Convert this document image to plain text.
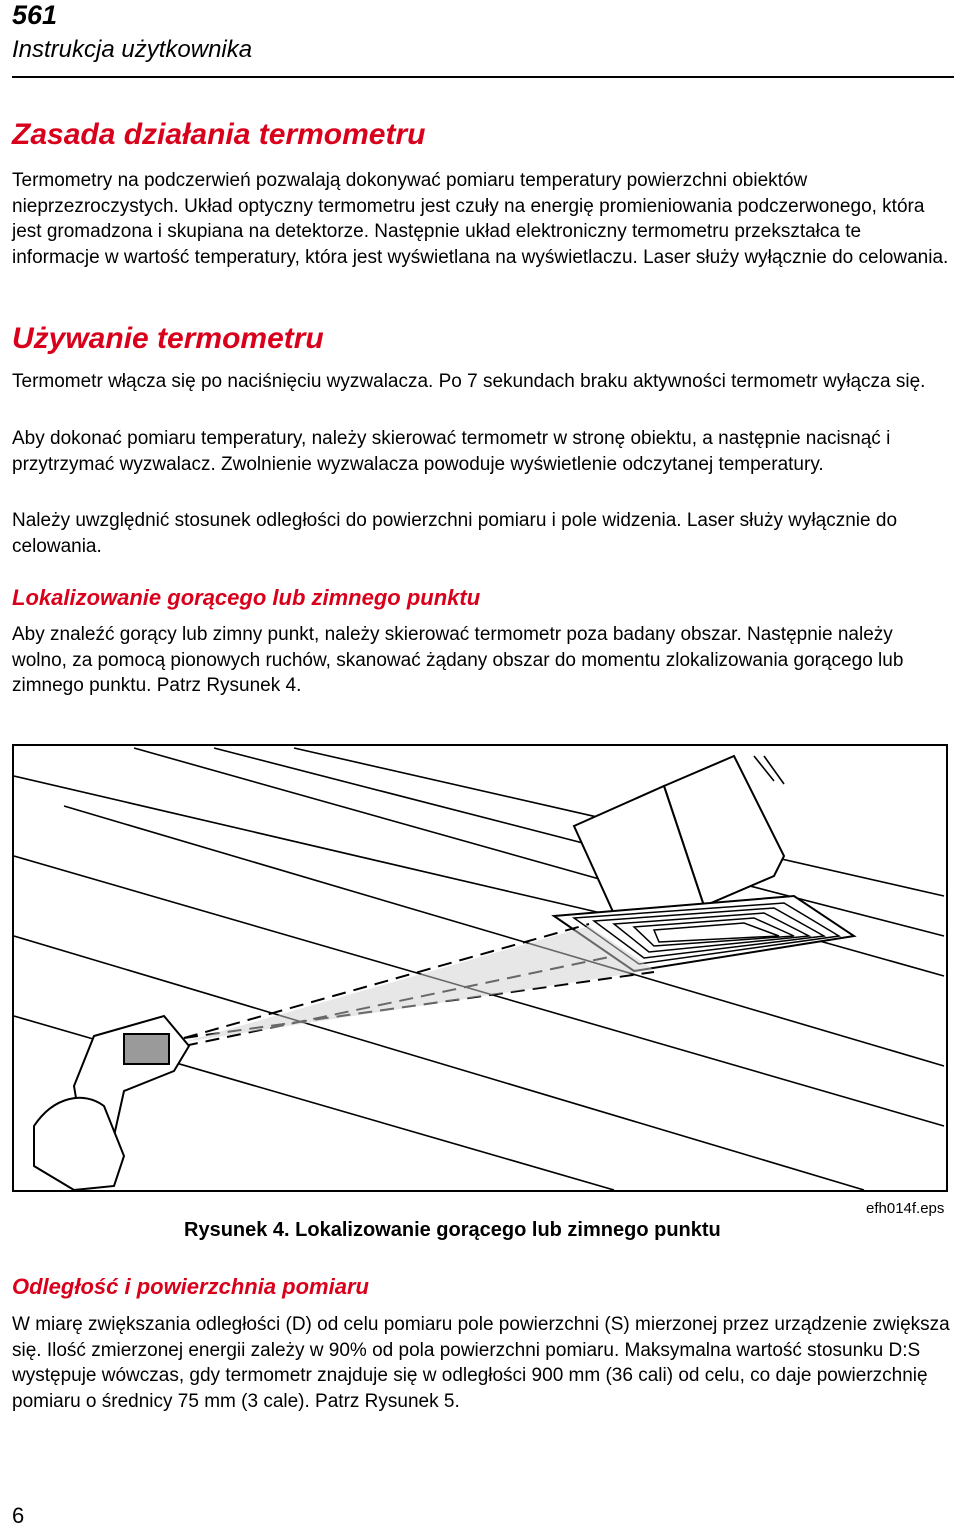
561
Instrukcja użytkownika
Zasada działania termometru

Termometry na podczerwień pozwalają dokonywać pomiaru temperatury powierzchni obiektów nieprzezroczystych. Układ optyczny termometru jest czuły na energię promieniowania podczerwonego, która jest gromadzona i skupiana na detektorze. Następnie układ elektroniczny termometru przekształca te informacje w wartość temperatury, która jest wyświetlana na wyświetlaczu. Laser służy wyłącznie do celowania.

Używanie termometru

Termometr włącza się po naciśnięciu wyzwalacza. Po 7 sekundach braku aktywności termometr wyłącza się.

Aby dokonać pomiaru temperatury, należy skierować termometr w stronę obiektu, a następnie nacisnąć i przytrzymać wyzwalacz. Zwolnienie wyzwalacza powoduje wyświetlenie odczytanej temperatury.

Należy uwzględnić stosunek odległości do powierzchni pomiaru i pole widzenia. Laser służy wyłącznie do celowania.

Lokalizowanie gorącego lub zimnego punktu

Aby znaleźć gorący lub zimny punkt, należy skierować termometr poza badany obszar. Następnie należy wolno, za pomocą pionowych ruchów, skanować żądany obszar do momentu zlokalizowania gorącego lub zimnego punktu. Patrz Rysunek 4.

efh014f.eps
Rysunek 4. Lokalizowanie gorącego lub zimnego punktu
Odległość i powierzchnia pomiaru

W miarę zwiększania odległości (D) od celu pomiaru pole powierzchni (S) mierzonej przez urządzenie zwiększa się. Ilość zmierzonej energii zależy w 90% od pola powierzchni pomiaru. Maksymalna wartość stosunku D:S występuje wówczas, gdy termometr znajduje się w odległości 900 mm (36 cali) od celu, co daje powierzchnię pomiaru o średnicy 75 mm (3 cale). Patrz Rysunek 5.

6
